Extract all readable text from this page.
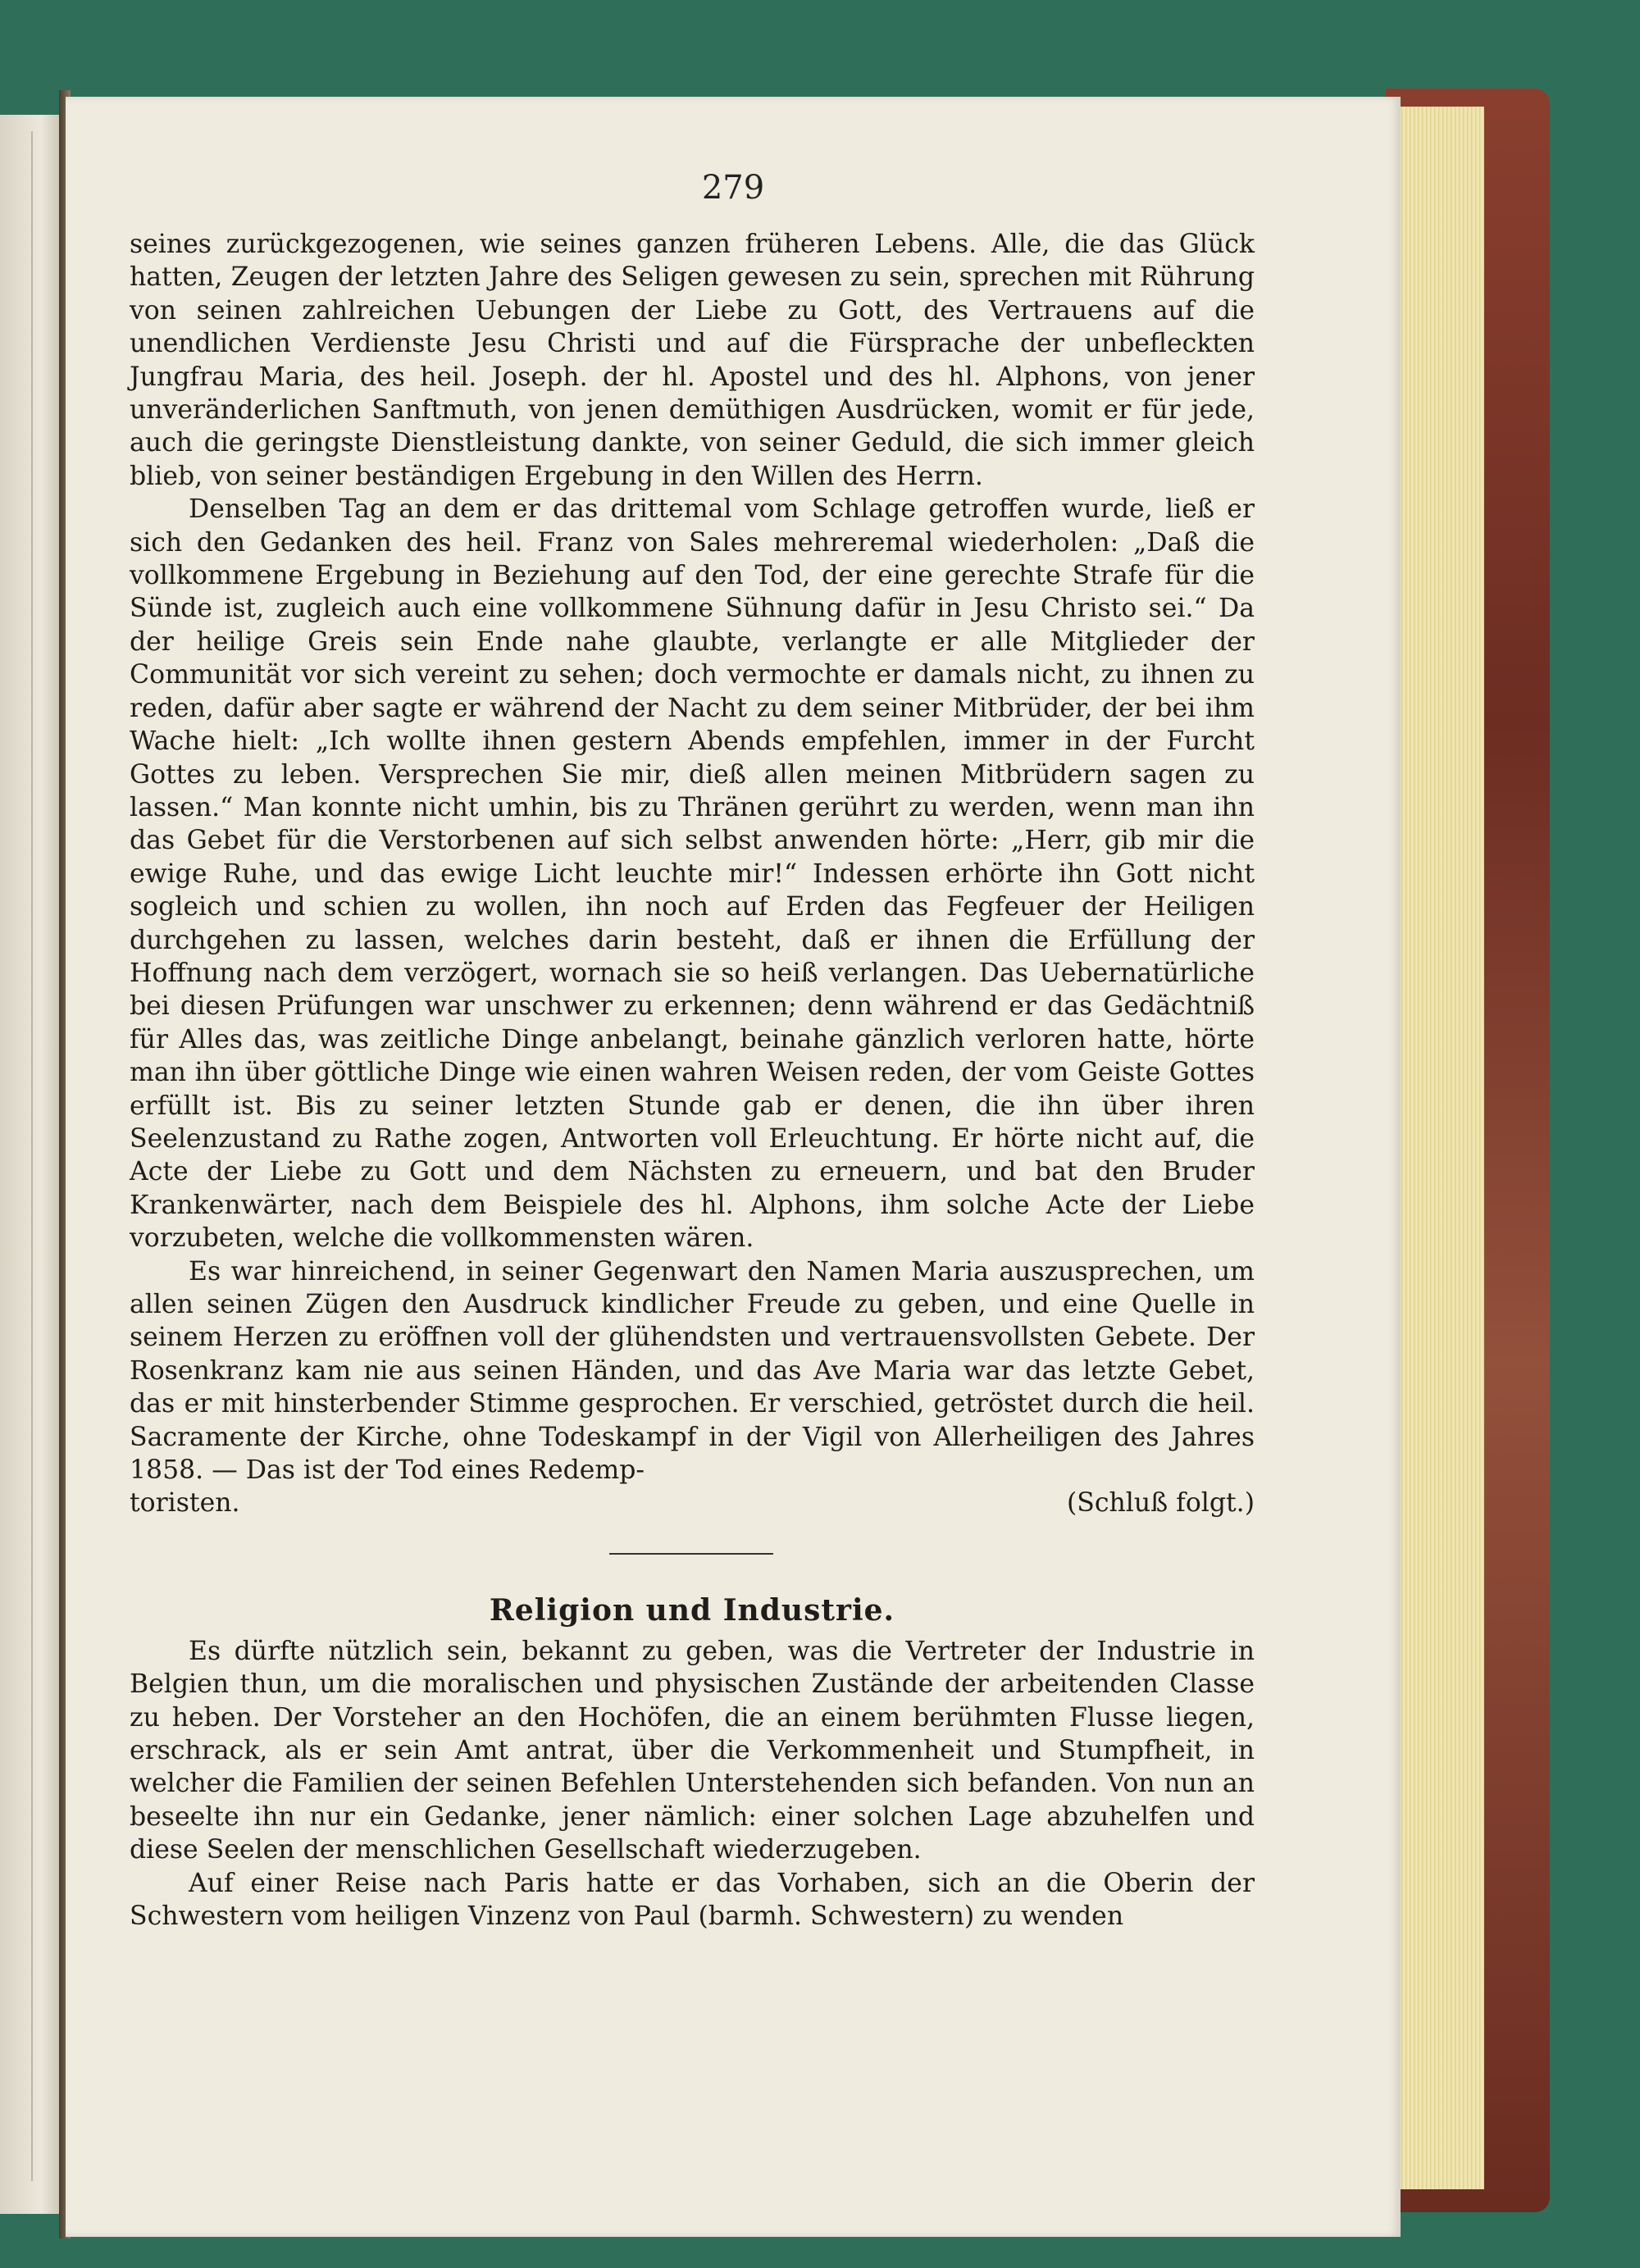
279

seines zurückgezogenen, wie seines ganzen früheren Lebens. Alle, die das Glück hatten, Zeugen der letzten Jahre des Seligen gewesen zu sein, sprechen mit Rührung von seinen zahlreichen Uebungen der Liebe zu Gott, des Vertrauens auf die unendlichen Verdienste Jesu Christi und auf die Fürsprache der unbefleckten Jungfrau Maria, des heil. Joseph. der hl. Apostel und des hl. Alphons, von jener unveränderlichen Sanftmuth, von jenen demüthigen Ausdrücken, womit er für jede, auch die geringste Dienstleistung dankte, von seiner Geduld, die sich immer gleich blieb, von seiner beständigen Ergebung in den Willen des Herrn.

Denselben Tag an dem er das drittemal vom Schlage getroffen wurde, ließ er sich den Gedanken des heil. Franz von Sales mehreremal wiederholen: „Daß die vollkommene Ergebung in Beziehung auf den Tod, der eine gerechte Strafe für die Sünde ist, zugleich auch eine vollkommene Sühnung dafür in Jesu Christo sei.“ Da der heilige Greis sein Ende nahe glaubte, verlangte er alle Mitglieder der Communität vor sich vereint zu sehen; doch vermochte er damals nicht, zu ihnen zu reden, dafür aber sagte er während der Nacht zu dem seiner Mitbrüder, der bei ihm Wache hielt: „Ich wollte ihnen gestern Abends empfehlen, immer in der Furcht Gottes zu leben. Versprechen Sie mir, dieß allen meinen Mitbrüdern sagen zu lassen.“ Man konnte nicht umhin, bis zu Thränen gerührt zu werden, wenn man ihn das Gebet für die Verstorbenen auf sich selbst anwenden hörte: „Herr, gib mir die ewige Ruhe, und das ewige Licht leuchte mir!“ Indessen erhörte ihn Gott nicht sogleich und schien zu wollen, ihn noch auf Erden das Fegfeuer der Heiligen durchgehen zu lassen, welches darin besteht, daß er ihnen die Erfüllung der Hoffnung nach dem verzögert, wornach sie so heiß verlangen. Das Uebernatürliche bei diesen Prüfungen war unschwer zu erkennen; denn während er das Gedächtniß für Alles das, was zeitliche Dinge anbelangt, beinahe gänzlich verloren hatte, hörte man ihn über göttliche Dinge wie einen wahren Weisen reden, der vom Geiste Gottes erfüllt ist. Bis zu seiner letzten Stunde gab er denen, die ihn über ihren Seelenzustand zu Rathe zogen, Antworten voll Erleuchtung. Er hörte nicht auf, die Acte der Liebe zu Gott und dem Nächsten zu erneuern, und bat den Bruder Krankenwärter, nach dem Beispiele des hl. Alphons, ihm solche Acte der Liebe vorzubeten, welche die vollkommensten wären.

Es war hinreichend, in seiner Gegenwart den Namen Maria auszusprechen, um allen seinen Zügen den Ausdruck kindlicher Freude zu geben, und eine Quelle in seinem Herzen zu eröffnen voll der glühendsten und vertrauensvollsten Gebete. Der Rosenkranz kam nie aus seinen Händen, und das Ave Maria war das letzte Gebet, das er mit hinsterbender Stimme gesprochen. Er verschied, getröstet durch die heil. Sacramente der Kirche, ohne Todeskampf in der Vigil von Allerheiligen des Jahres 1858. — Das ist der Tod eines Redemp-

toristen.	(Schluß folgt.)
Religion und Industrie.

Es dürfte nützlich sein, bekannt zu geben, was die Vertreter der Industrie in Belgien thun, um die moralischen und physischen Zustände der arbeitenden Classe zu heben. Der Vorsteher an den Hochöfen, die an einem berühmten Flusse liegen, erschrack, als er sein Amt antrat, über die Verkommenheit und Stumpfheit, in welcher die Familien der seinen Befehlen Unterstehenden sich befanden. Von nun an beseelte ihn nur ein Gedanke, jener nämlich: einer solchen Lage abzuhelfen und diese Seelen der menschlichen Gesellschaft wiederzugeben.

Auf einer Reise nach Paris hatte er das Vorhaben, sich an die Oberin der Schwestern vom heiligen Vinzenz von Paul (barmh. Schwestern) zu wenden
